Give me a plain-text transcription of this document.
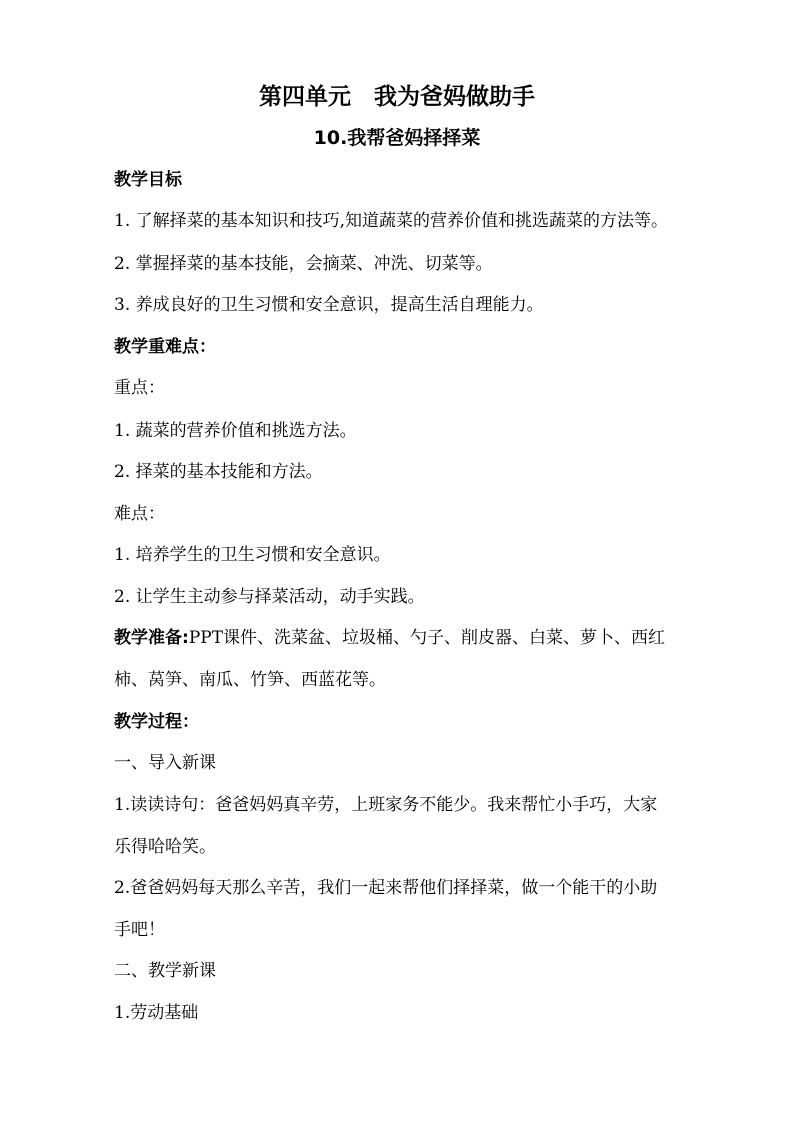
第四单元　我为爸妈做助手
10.我帮爸妈择择菜
教学目标
1. 了解择菜的基本知识和技巧,知道蔬菜的营养价值和挑选蔬菜的方法等。
2. 掌握择菜的基本技能，会摘菜、冲洗、切菜等。
3. 养成良好的卫生习惯和安全意识，提高生活自理能力。
教学重难点：
重点：
1. 蔬菜的营养价值和挑选方法。
2. 择菜的基本技能和方法。
难点：
1. 培养学生的卫生习惯和安全意识。
2. 让学生主动参与择菜活动，动手实践。
教学准备:PPT课件、洗菜盆、垃圾桶、勺子、削皮器、白菜、萝卜、西红
柿、莴笋、南瓜、竹笋、西蓝花等。
教学过程：
一、导入新课
1.读读诗句：爸爸妈妈真辛劳，上班家务不能少。我来帮忙小手巧，大家
乐得哈哈笑。
2.爸爸妈妈每天那么辛苦，我们一起来帮他们择择菜，做一个能干的小助
手吧！
二、教学新课
1.劳动基础
